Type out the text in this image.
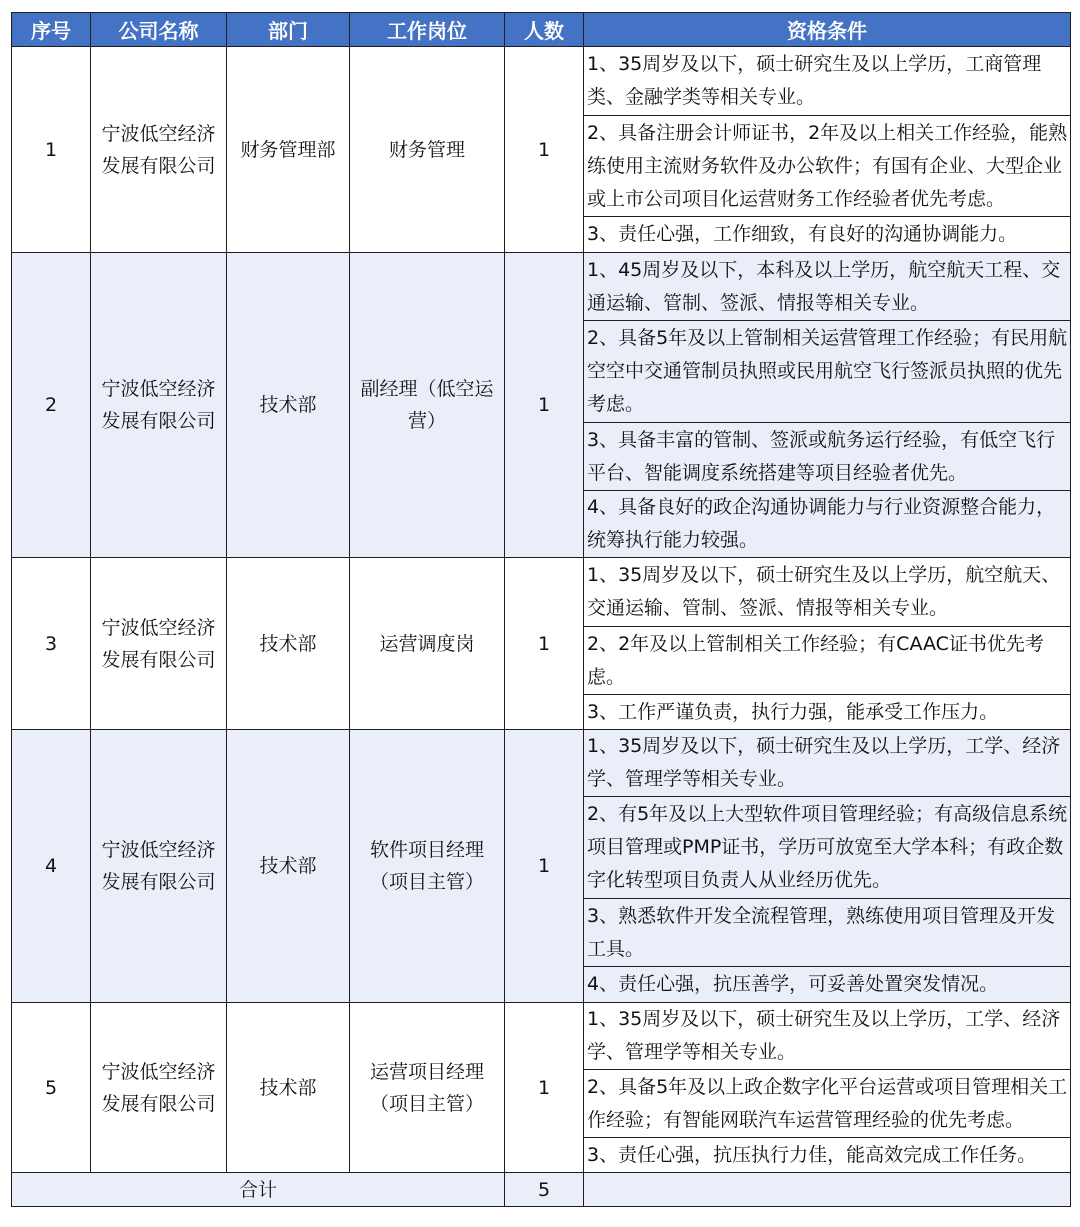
序号	公司名称	部门	工作岗位	人数	资格条件
1	宁波低空经济发展有限公司	财务管理部	财务管理	1	1、35周岁及以下，硕士研究生及以上学历，工商管理类、金融学类等相关专业。
					2、具备注册会计师证书，2年及以上相关工作经验，能熟练使用主流财务软件及办公软件；有国有企业、大型企业或上市公司项目化运营财务工作经验者优先考虑。
					3、责任心强，工作细致，有良好的沟通协调能力。
2	宁波低空经济发展有限公司	技术部	副经理（低空运营）	1	1、45周岁及以下，本科及以上学历，航空航天工程、交通运输、管制、签派、情报等相关专业。
					2、具备5年及以上管制相关运营管理工作经验；有民用航空空中交通管制员执照或民用航空飞行签派员执照的优先考虑。
					3、具备丰富的管制、签派或航务运行经验，有低空飞行平台、智能调度系统搭建等项目经验者优先。
					4、具备良好的政企沟通协调能力与行业资源整合能力，统筹执行能力较强。
3	宁波低空经济发展有限公司	技术部	运营调度岗	1	1、35周岁及以下，硕士研究生及以上学历，航空航天、交通运输、管制、签派、情报等相关专业。
					2、2年及以上管制相关工作经验；有CAAC证书优先考虑。
					3、工作严谨负责，执行力强，能承受工作压力。
4	宁波低空经济发展有限公司	技术部	软件项目经理（项目主管）	1	1、35周岁及以下，硕士研究生及以上学历，工学、经济学、管理学等相关专业。
					2、有5年及以上大型软件项目管理经验；有高级信息系统项目管理或PMP证书，学历可放宽至大学本科；有政企数字化转型项目负责人从业经历优先。
					3、熟悉软件开发全流程管理，熟练使用项目管理及开发工具。
					4、责任心强，抗压善学，可妥善处置突发情况。
5	宁波低空经济发展有限公司	技术部	运营项目经理（项目主管）	1	1、35周岁及以下，硕士研究生及以上学历，工学、经济学、管理学等相关专业。
					2、具备5年及以上政企数字化平台运营或项目管理相关工作经验；有智能网联汽车运营管理经验的优先考虑。
					3、责任心强，抗压执行力佳，能高效完成工作任务。
合计				5	
